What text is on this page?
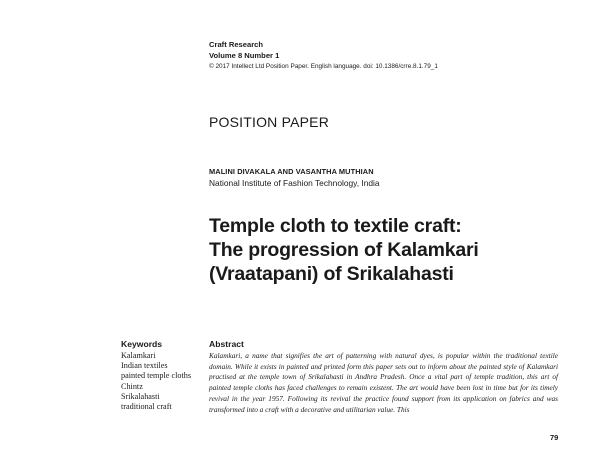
Craft Research
Volume 8 Number 1
© 2017 Intellect Ltd Position Paper. English language. doi: 10.1386/crre.8.1.79_1
POSITION PAPER
MALINI DIVAKALA AND VASANTHA MUTHIAN
National Institute of Fashion Technology, India
Temple cloth to textile craft:
The progression of Kalamkari
(Vraatapani) of Srikalahasti
Keywords
Kalamkari
Indian textiles
painted temple cloths
Chintz
Srikalahasti
traditional craft
Abstract
Kalamkari, a name that signifies the art of patterning with natural dyes, is popular within the traditional textile domain. While it exists in painted and printed form this paper sets out to inform about the painted style of Kalamkari practised at the temple town of Srikalahasti in Andhra Pradesh. Once a vital part of temple tradition, this art of painted temple cloths has faced challenges to remain existent. The art would have been lost in time but for its timely revival in the year 1957. Following its revival the practice found support from its application on fabrics and was transformed into a craft with a decorative and utilitarian value. This
79
